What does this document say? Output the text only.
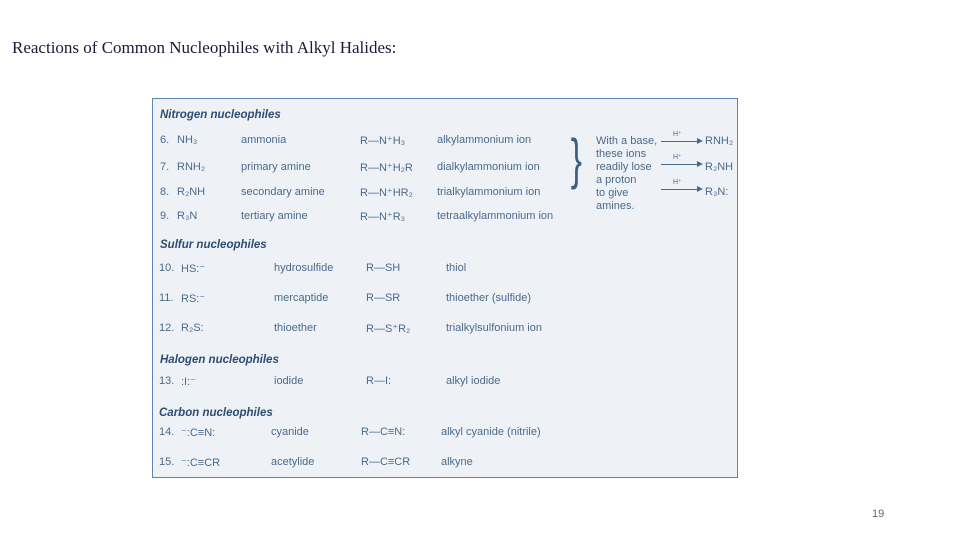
Reactions of Common Nucleophiles with Alkyl Halides:
Nitrogen nucleophiles
6. NH₃	ammonia	R—N⁺H₃	alkylammonium ion
7. RNH₂	primary amine	R—N⁺H₂R dialkylammonium ion
8. R₂NH	secondary amine	R—N⁺HR₂ trialkylammonium ion
9. R₃N	tertiary amine	R—N⁺R₃	tetraalkylammonium ion
} With a base,
these ions
readily lose
a proton
to give
amines.
H⁺
RNH₂
H⁺
R₂NH
H⁺
R₃N:
Sulfur nucleophiles
10. HS:⁻	hydrosulfide	R—SH	thiol
11. RS:⁻	mercaptide	R—SR	thioether (sulfide)
12. R₂S:	thioether	R—S⁺R₂	trialkylsulfonium ion
Halogen nucleophiles
13. :I:⁻	iodide	R—I:	alkyl iodide
Carbon nucleophiles
14. ⁻:C≡N:	cyanide	R—C≡N:	alkyl cyanide (nitrile)
15. ⁻:C≡CR	acetylide	R—C≡CR	alkyne
19
